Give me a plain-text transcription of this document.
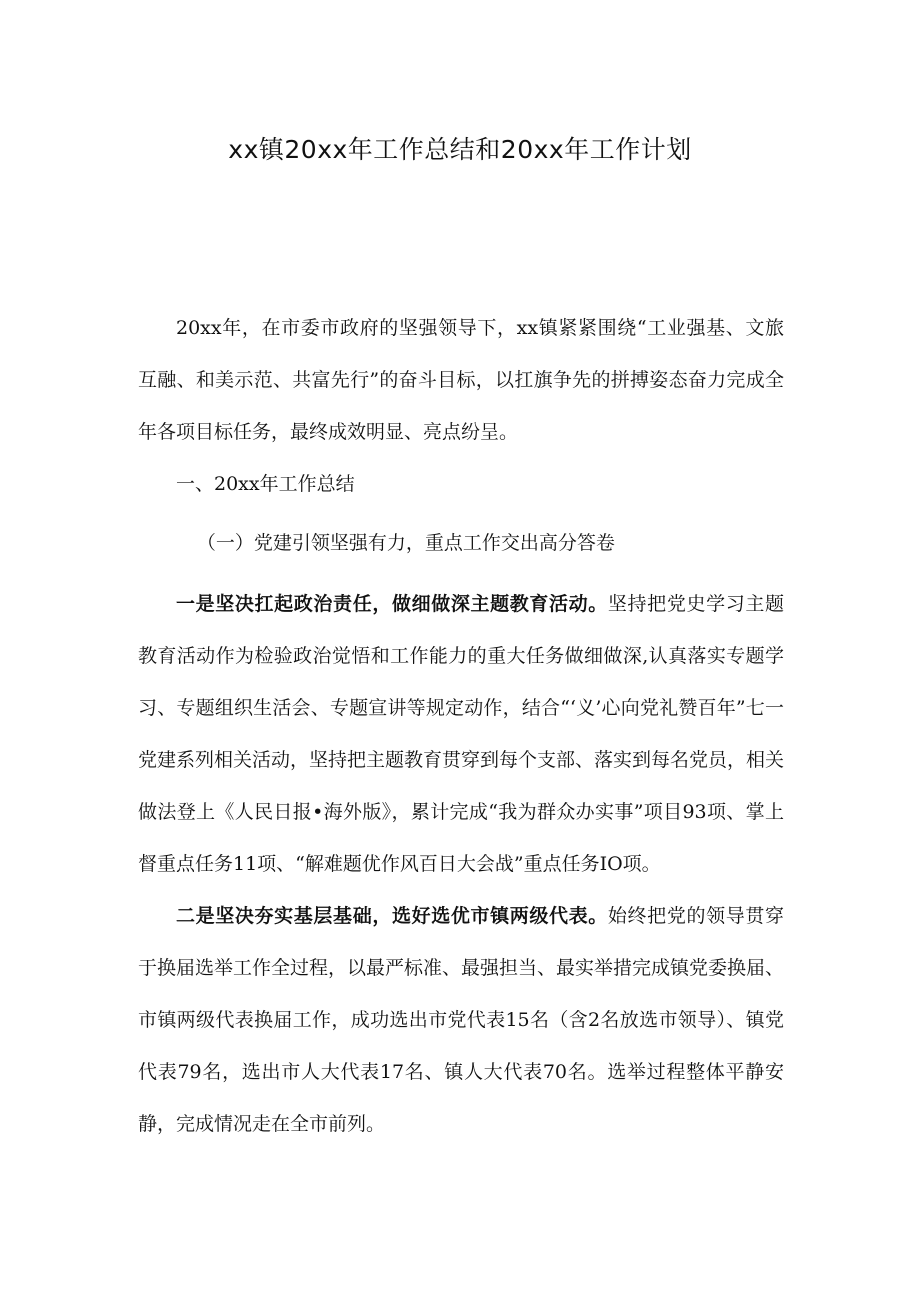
xx镇20xx年工作总结和20xx年工作计划

20xx年，在市委市政府的坚强领导下，xx镇紧紧围绕“工业强基、文旅互融、和美示范、共富先行”的奋斗目标，以扛旗争先的拼搏姿态奋力完成全年各项目标任务，最终成效明显、亮点纷呈。

一、20xx年工作总结

（一）党建引领坚强有力，重点工作交出高分答卷

一是坚决扛起政治责任，做细做深主题教育活动。坚持把党史学习主题教育活动作为检验政治觉悟和工作能力的重大任务做细做深,认真落实专题学习、专题组织生活会、专题宣讲等规定动作，结合“‘义’心向党礼赞百年”七一党建系列相关活动，坚持把主题教育贯穿到每个支部、落实到每名党员，相关做法登上《人民日报•海外版》，累计完成“我为群众办实事”项目93项、掌上督重点任务11项、“解难题优作风百日大会战”重点任务IO项。

二是坚决夯实基层基础，选好选优市镇两级代表。始终把党的领导贯穿于换届选举工作全过程，以最严标准、最强担当、最实举措完成镇党委换届、市镇两级代表换届工作，成功选出市党代表15名（含2名放选市领导）、镇党代表79名，选出市人大代表17名、镇人大代表70名。选举过程整体平静安静，完成情况走在全市前列。
